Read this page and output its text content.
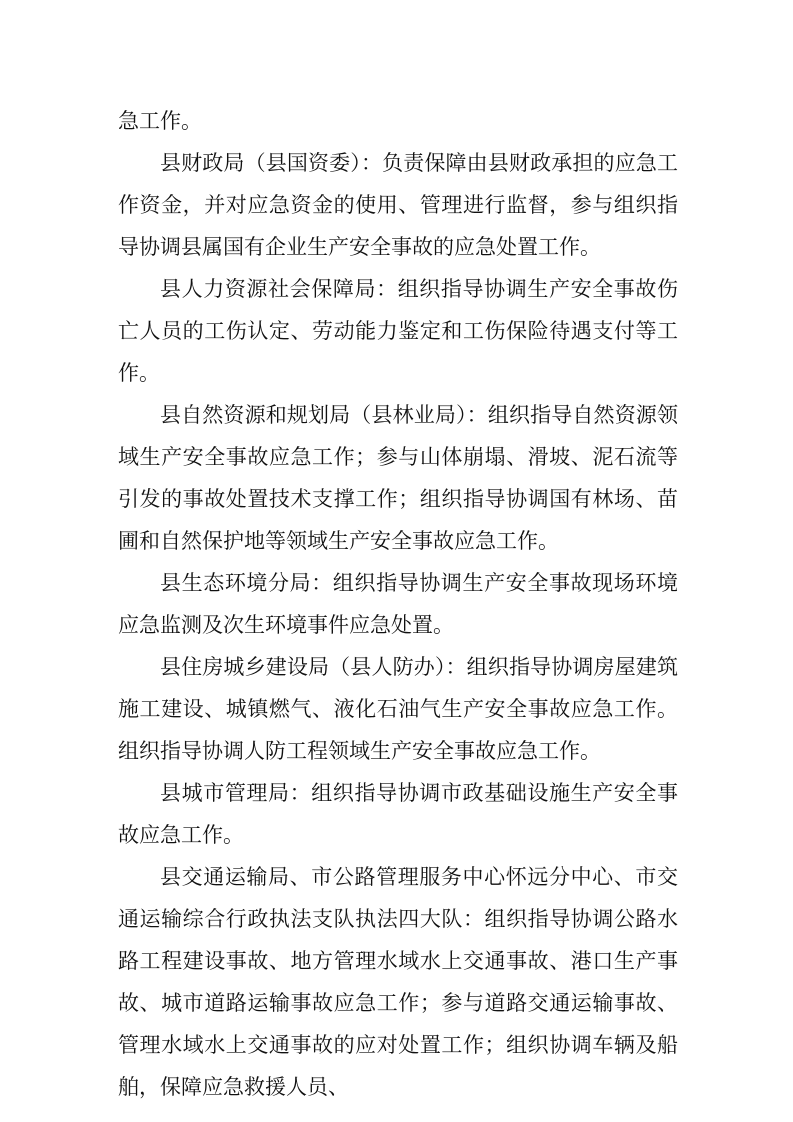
急工作。

县财政局（县国资委）：负责保障由县财政承担的应急工作资金，并对应急资金的使用、管理进行监督，参与组织指导协调县属国有企业生产安全事故的应急处置工作。

县人力资源社会保障局：组织指导协调生产安全事故伤亡人员的工伤认定、劳动能力鉴定和工伤保险待遇支付等工作。

县自然资源和规划局（县林业局）：组织指导自然资源领域生产安全事故应急工作；参与山体崩塌、滑坡、泥石流等引发的事故处置技术支撑工作；组织指导协调国有林场、苗圃和自然保护地等领域生产安全事故应急工作。

县生态环境分局：组织指导协调生产安全事故现场环境应急监测及次生环境事件应急处置。

县住房城乡建设局（县人防办）：组织指导协调房屋建筑施工建设、城镇燃气、液化石油气生产安全事故应急工作。组织指导协调人防工程领域生产安全事故应急工作。

县城市管理局：组织指导协调市政基础设施生产安全事故应急工作。

县交通运输局、市公路管理服务中心怀远分中心、市交通运输综合行政执法支队执法四大队：组织指导协调公路水路工程建设事故、地方管理水域水上交通事故、港口生产事故、城市道路运输事故应急工作；参与道路交通运输事故、管理水域水上交通事故的应对处置工作；组织协调车辆及船舶，保障应急救援人员、
